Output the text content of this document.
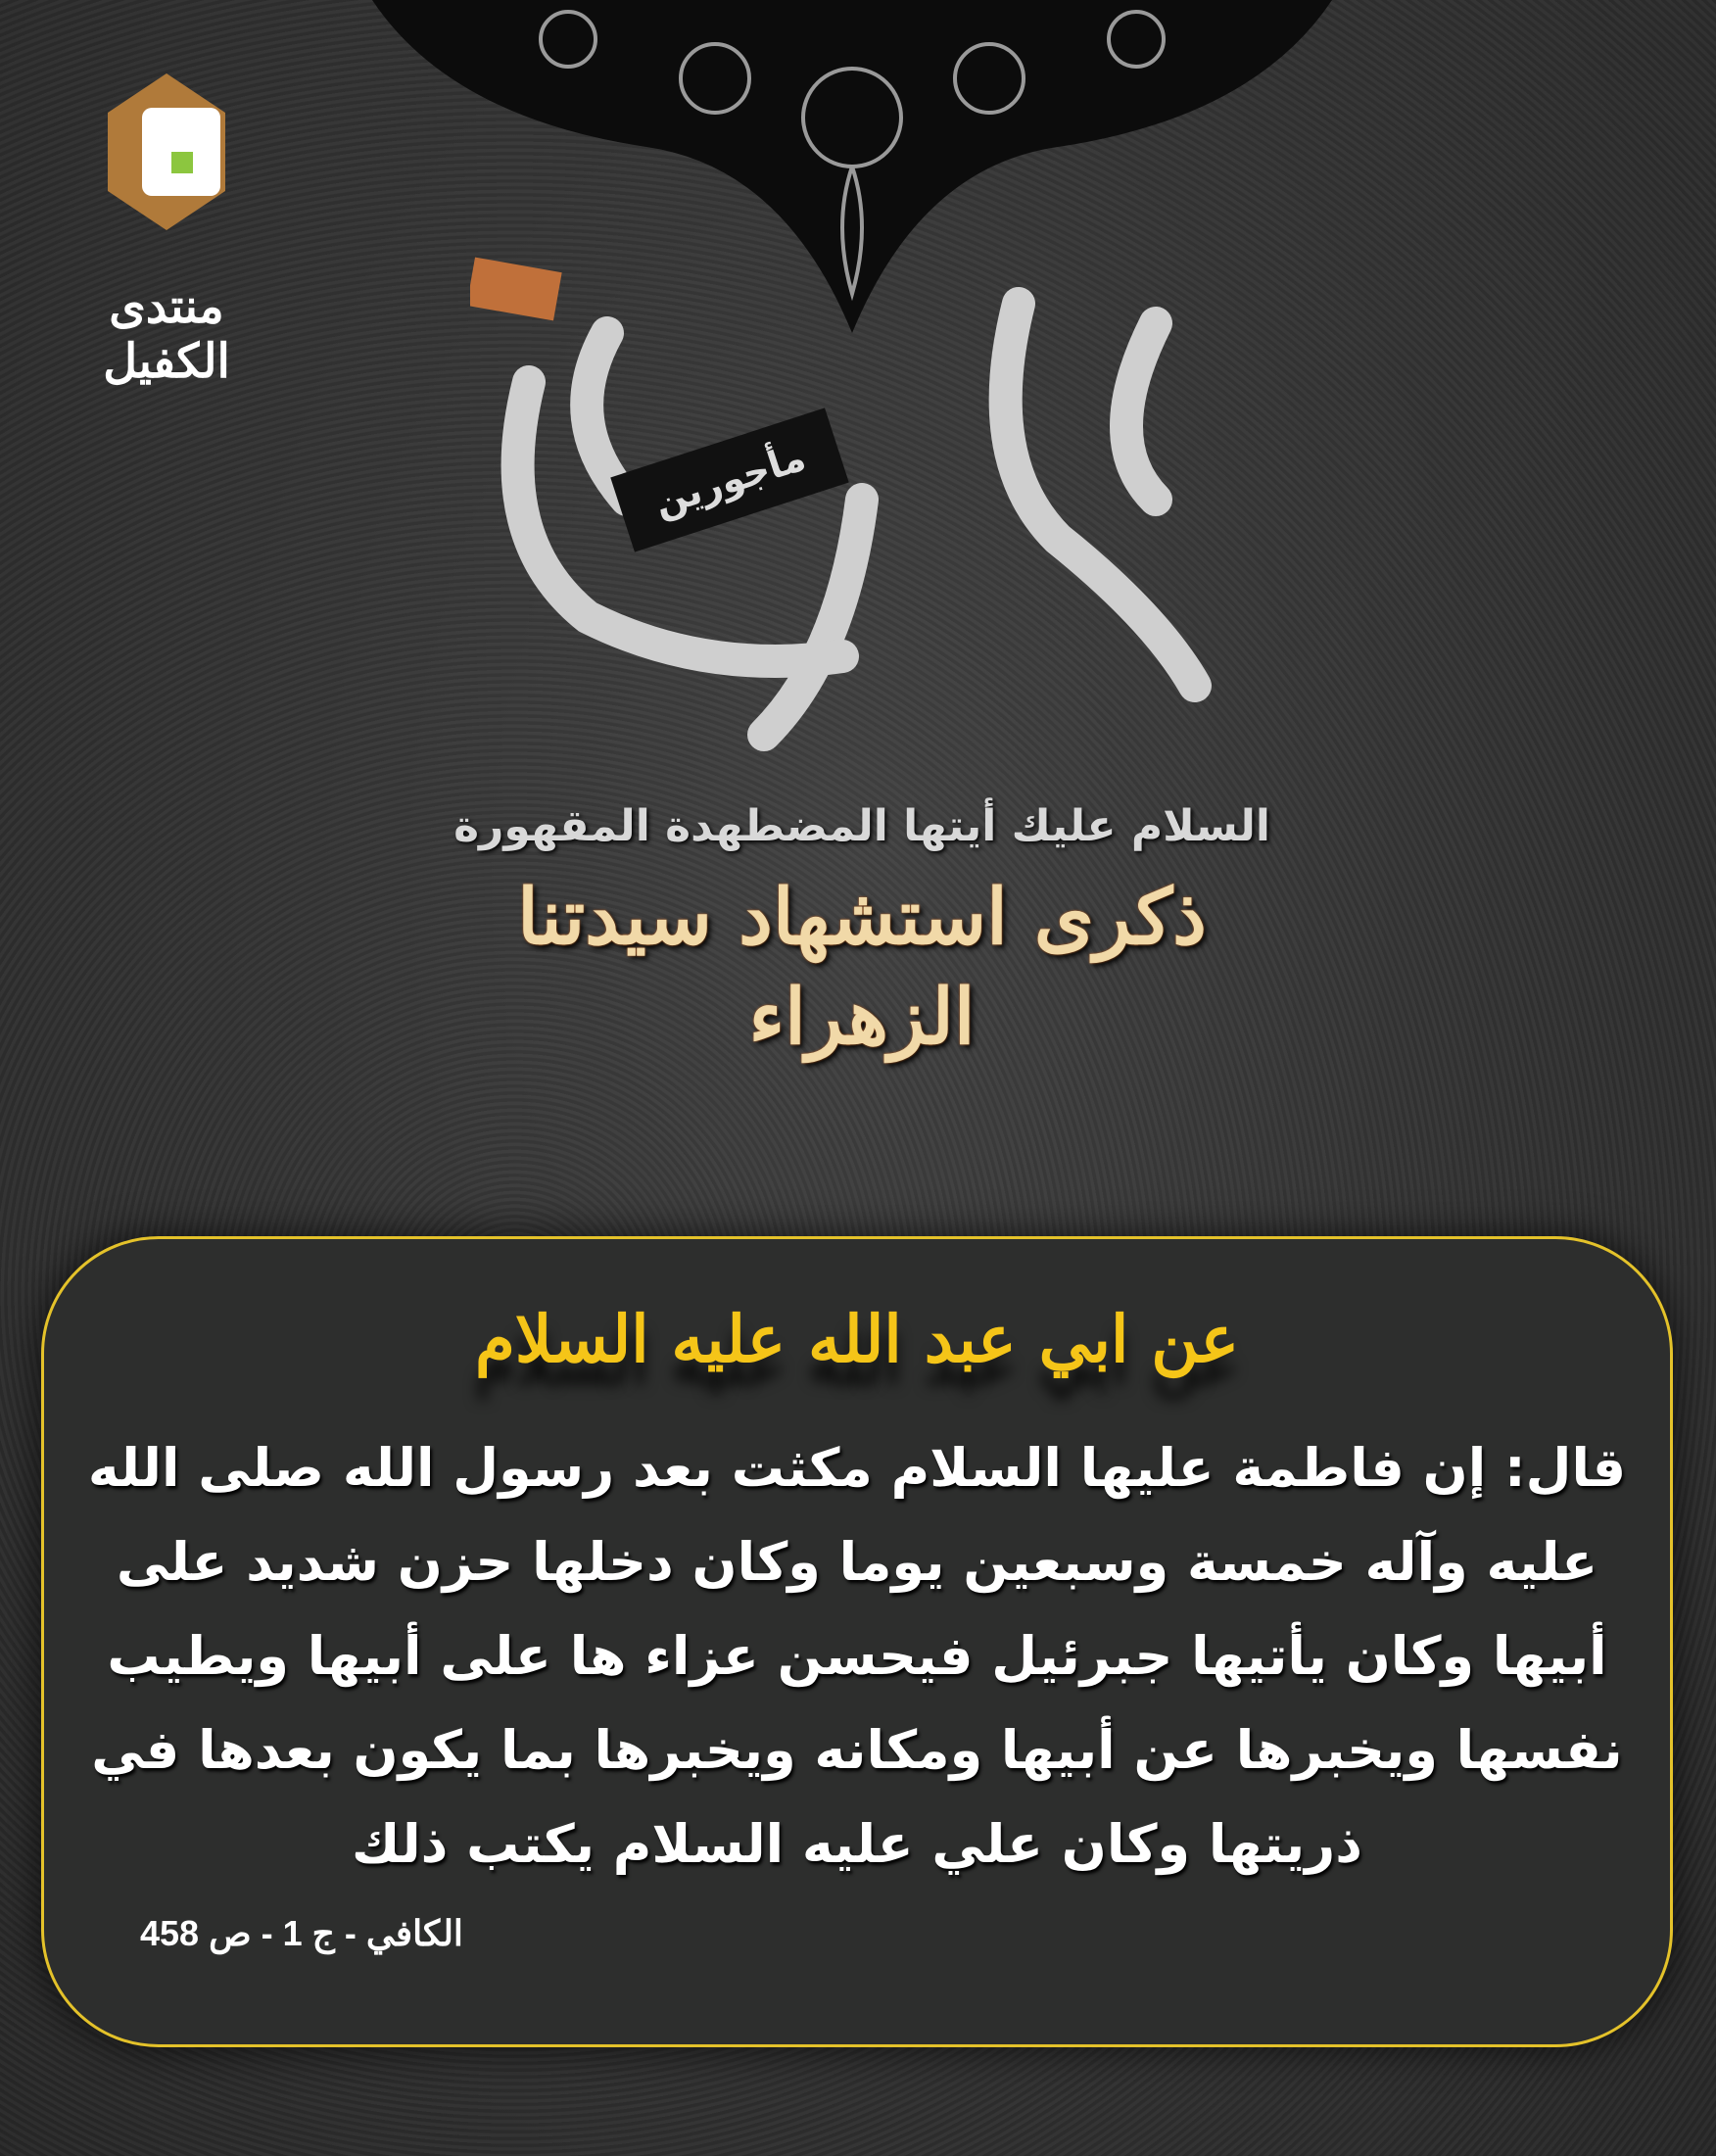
منتدى الكفيل
مأجورين
السلام عليك أيتها المضطهدة المقهورة
ذكرى استشهاد سيدتنا الزهراء
عن ابي عبد الله عليه السلام
قال: إن فاطمة عليها السلام مكثت بعد رسول الله صلى الله عليه وآله خمسة وسبعين يوما وكان دخلها حزن شديد على أبيها وكان يأتيها جبرئيل فيحسن عزاء ها على أبيها ويطيب نفسها ويخبرها عن أبيها ومكانه ويخبرها بما يكون بعدها في ذريتها وكان علي عليه السلام يكتب ذلك
الكافي - ج 1 - ص 458
